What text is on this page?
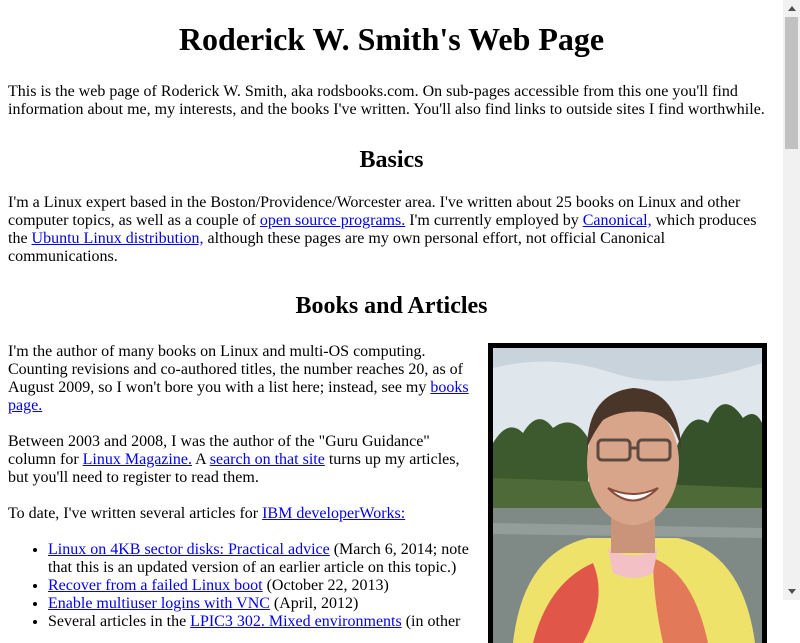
Roderick W. Smith's Web Page

This is the web page of Roderick W. Smith, aka rodsbooks.com. On sub-pages accessible from this one you'll find information about me, my interests, and the books I've written. You'll also find links to outside sites I find worthwhile.

Basics

I'm a Linux expert based in the Boston/Providence/Worcester area. I've written about 25 books on Linux and other computer topics, as well as a couple of open source programs. I'm currently employed by Canonical, which produces the Ubuntu Linux distribution, although these pages are my own personal effort, not official Canonical communications.

Books and Articles

I'm the author of many books on Linux and multi-OS computing. Counting revisions and co-authored titles, the number reaches 20, as of August 2009, so I won't bore you with a list here; instead, see my books page.

Between 2003 and 2008, I was the author of the "Guru Guidance" column for Linux Magazine. A search on that site turns up my articles, but you'll need to register to read them.

To date, I've written several articles for IBM developerWorks:

• Linux on 4KB sector disks: Practical advice (March 6, 2014; note that this is an updated version of an earlier article on this topic.)
• Recover from a failed Linux boot (October 22, 2013)
• Enable multiuser logins with VNC (April, 2012)
• Several articles in the LPIC3 302. Mixed environments (in other
